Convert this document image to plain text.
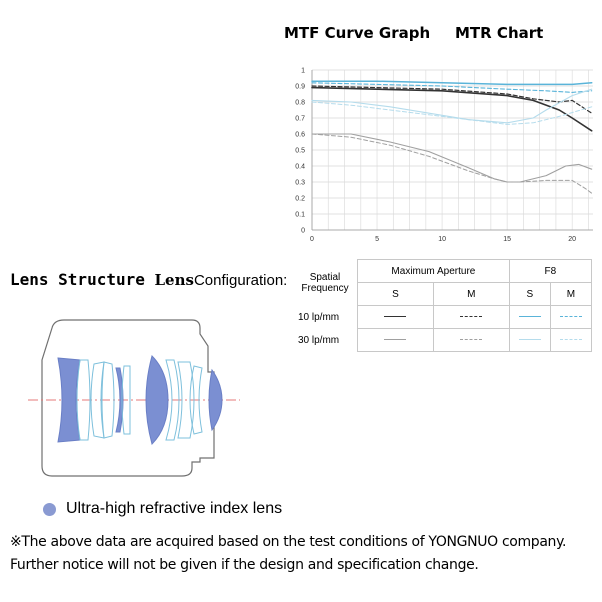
MTF Curve Graph MTR Chart
1
0.9
0.8
0.7
0.6
0.5
0.4
0.3
0.2
0.1
0
0	5	10	15	20
Lens Structure LensConfiguration:	Spatial
Frequency	Maximum Aperture		F8	
	S	M	S	M
10 lp/mm				
30 lp/mm				
Ultra-high refractive index lens
※The above data are acquired based on the test conditions of YONGNUO company.
Further notice will not be given if the design and specification change.
